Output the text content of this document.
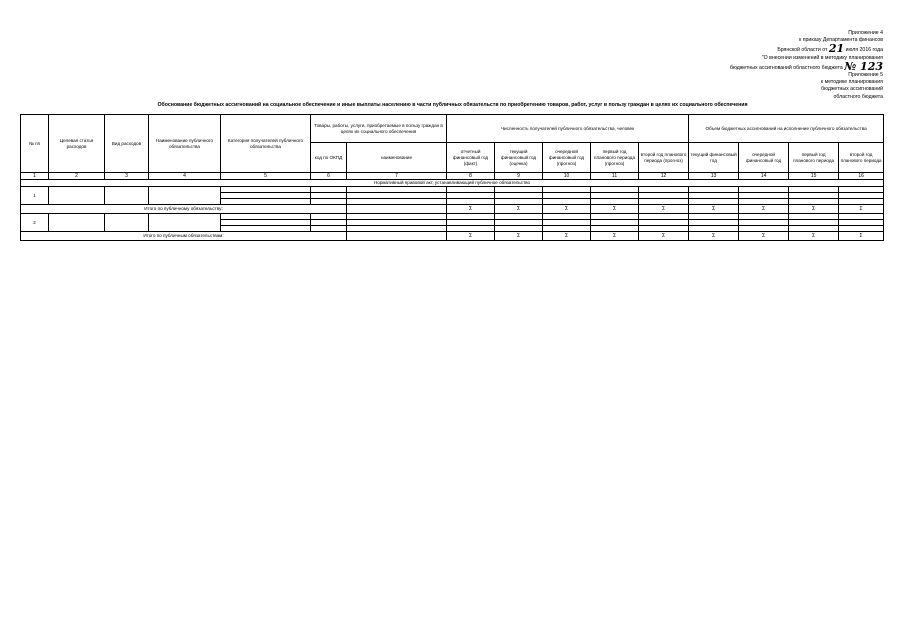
Приложение 4
к приказу Департамента финансов
Брянской области от 21 июля 2016 года
"О внесении изменений в методику планирования
бюджетных ассигнований областного бюджета № 123
Приложение 5
к методике планирования
бюджетных ассигнований
областного бюджета
Обоснование бюджетных ассигнований на социальное обеспечение и иные выплаты населению в части публичных обязательств по приобретению товаров, работ, услуг в пользу граждан в целях их социального обеспечения
№ пп	Целевая статья расходов	Вид расходов	Наименование публичного обязательства	Категория получателей публичного обязательства	Товары, работы, услуги, приобретаемые в пользу граждан в целях их социального обеспечения		Численность получателей публичного обязательства, человек					Объем бюджетных ассигнований на исполнение публичного обязательства			
					код по ОКПД	наименование	отчетный финансовый год (факт)	текущий финансовый год (оценка)	очередной финансовый год (прогноз)	первый год планового периода (прогноз)	второй год планового периода (прогноз)	текущий финансовый год	очередной финансовый год	первый год планового периода	второй год планового периода
1	2	3	4	5	6	7	8	9	10	11	12	13	14	15	16
Нормативный правовой акт, устанавливающий публичное обязательство															
1															

Итого по публичному обязательству:							Σ	Σ	Σ	Σ	Σ	Σ	Σ	Σ	Σ
2															

Итого по публичным обязательствам:							Σ	Σ	Σ	Σ	Σ	Σ	Σ	Σ	Σ
